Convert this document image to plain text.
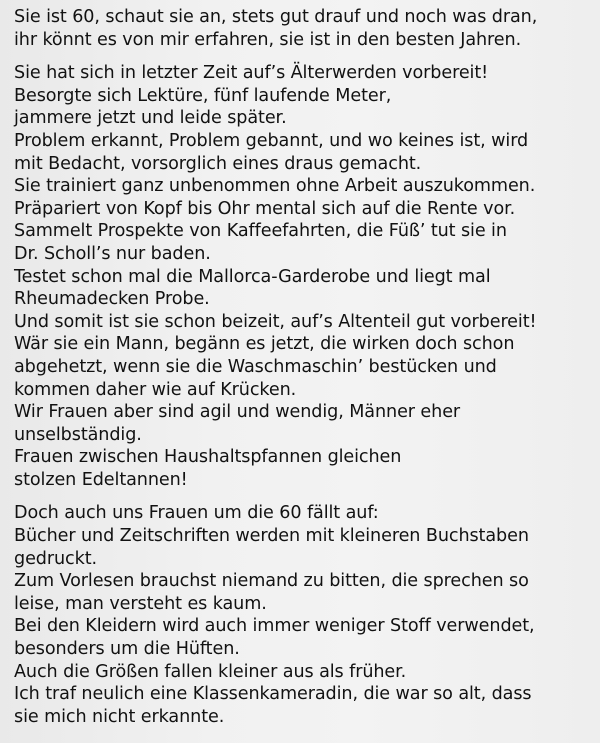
Sie ist 60, schaut sie an, stets gut drauf und noch was dran,
ihr könnt es von mir erfahren, sie ist in den besten Jahren.
Sie hat sich in letzter Zeit auf’s Älterwerden vorbereit!
Besorgte sich Lektüre, fünf laufende Meter,
jammere jetzt und leide später.
Problem erkannt, Problem gebannt, und wo keines ist, wird
mit Bedacht, vorsorglich eines draus gemacht.
Sie trainiert ganz unbenommen ohne Arbeit auszukommen.
Präpariert von Kopf bis Ohr mental sich auf die Rente vor.
Sammelt Prospekte von Kaffeefahrten, die Füß’ tut sie in
Dr. Scholl’s nur baden.
Testet schon mal die Mallorca-Garderobe und liegt mal
Rheumadecken Probe.
Und somit ist sie schon beizeit, auf’s Altenteil gut vorbereit!
Wär sie ein Mann, begänn es jetzt, die wirken doch schon
abgehetzt, wenn sie die Waschmaschin’ bestücken und
kommen daher wie auf Krücken.
Wir Frauen aber sind agil und wendig, Männer eher
unselbständig.
Frauen zwischen Haushaltspfannen gleichen
stolzen Edeltannen!
Doch auch uns Frauen um die 60 fällt auf:
Bücher und Zeitschriften werden mit kleineren Buchstaben
gedruckt.
Zum Vorlesen brauchst niemand zu bitten, die sprechen so
leise, man versteht es kaum.
Bei den Kleidern wird auch immer weniger Stoff verwendet,
besonders um die Hüften.
Auch die Größen fallen kleiner aus als früher.
Ich traf neulich eine Klassenkameradin, die war so alt, dass
sie mich nicht erkannte.
